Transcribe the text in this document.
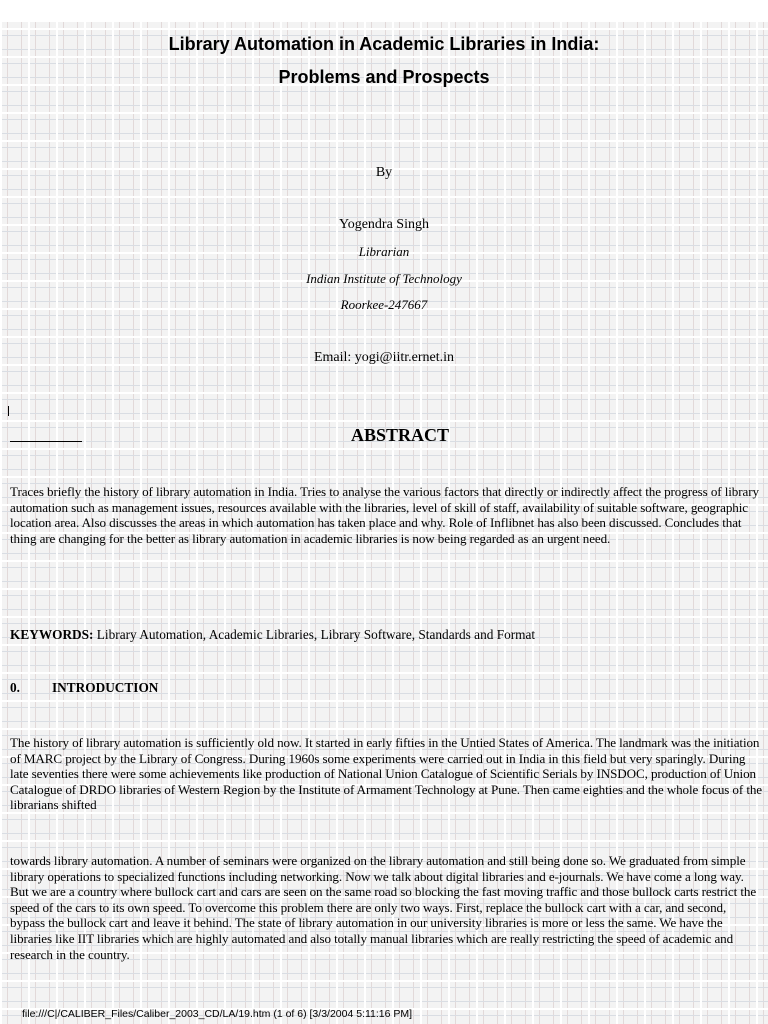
Library Automation in Academic Libraries in India:
Problems and Prospects

By

Yogendra Singh

Librarian

Indian Institute of Technology

Roorkee-247667

Email: yogi@iitr.ernet.in

ABSTRACT

Traces briefly the history of library automation in India. Tries to analyse the various factors that directly or indirectly affect the progress of library automation such as management issues, resources available with the libraries, level of skill of staff, availability of suitable software, geographic location area. Also discusses the areas in which automation has taken place and why. Role of Inflibnet has also been discussed. Concludes that thing are changing for the better as library automation in academic libraries is now being regarded as an urgent need.

KEYWORDS: Library Automation, Academic Libraries, Library Software, Standards and Format

0. INTRODUCTION

The history of library automation is sufficiently old now. It started in early fifties in the Untied States of America. The landmark was the initiation of MARC project by the Library of Congress. During 1960s some experiments were carried out in India in this field but very sparingly. During late seventies there were some achievements like production of National Union Catalogue of Scientific Serials by INSDOC, production of Union Catalogue of DRDO libraries of Western Region by the Institute of Armament Technology at Pune. Then came eighties and the whole focus of the librarians shifted

towards library automation. A number of seminars were organized on the library automation and still being done so. We graduated from simple library operations to specialized functions including networking. Now we talk about digital libraries and e-journals. We have come a long way. But we are a country where bullock cart and cars are seen on the same road so blocking the fast moving traffic and those bullock carts restrict the speed of the cars to its own speed. To overcome this problem there are only two ways. First, replace the bullock cart with a car, and second, bypass the bullock cart and leave it behind. The state of library automation in our university libraries is more or less the same. We have the libraries like IIT libraries which are highly automated and also totally manual libraries which are really restricting the speed of academic and research in the country.

file:///C|/CALIBER_Files/Caliber_2003_CD/LA/19.htm (1 of 6) [3/3/2004 5:11:16 PM]
